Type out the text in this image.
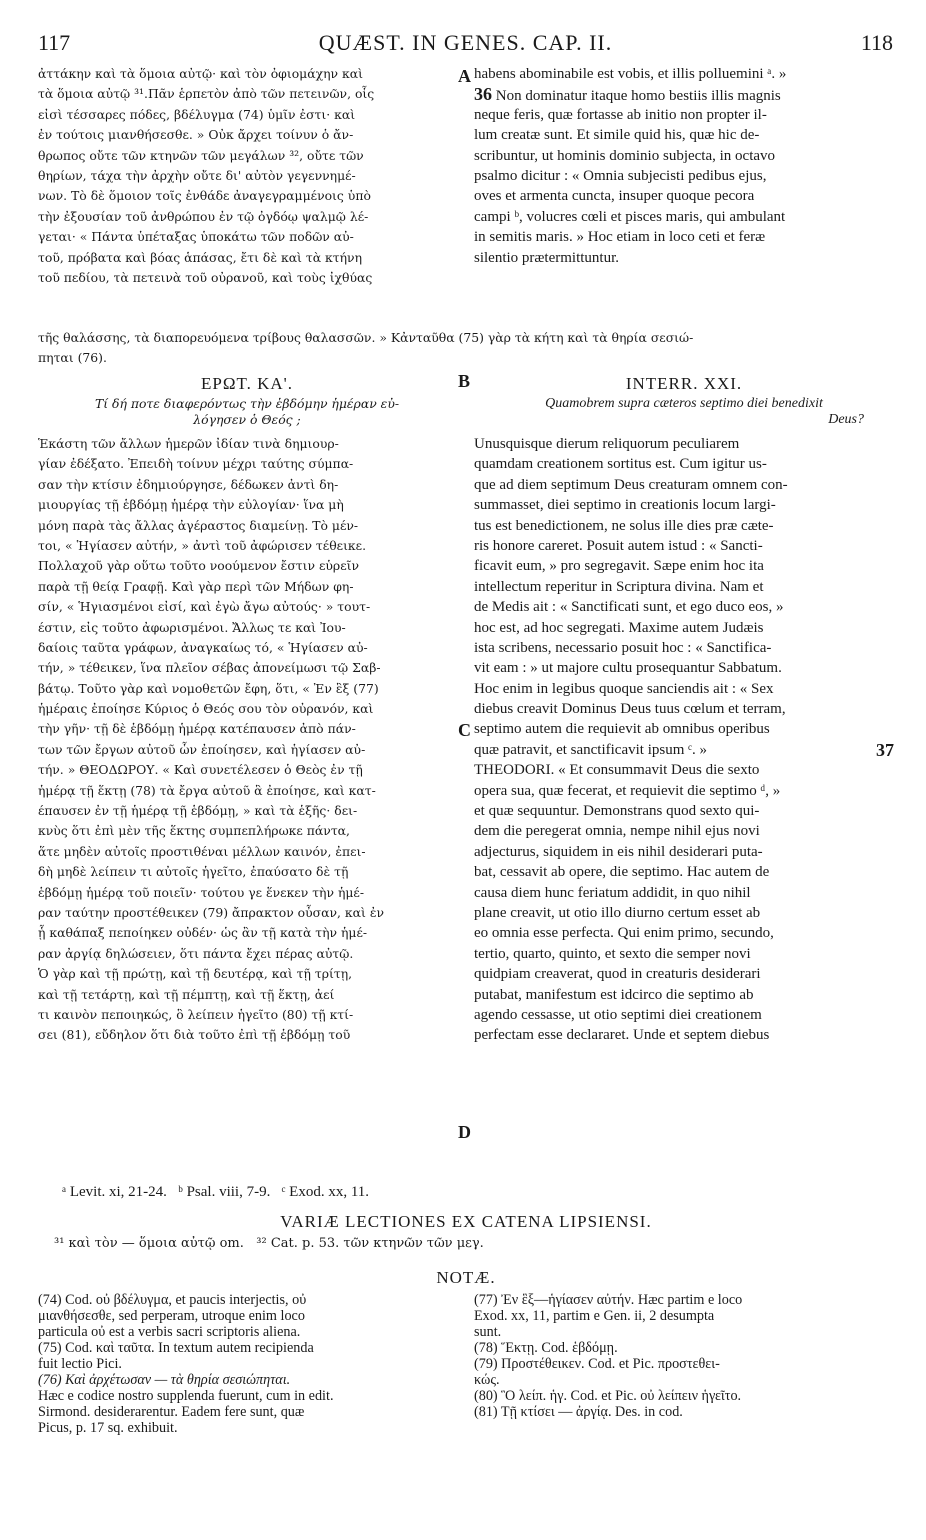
117	QUÆST. IN GENES. CAP. II.	118
ἀττάκην καὶ τὰ ὅμοια αὐτῷ· καὶ τὸν ὀφιομάχην καὶ
τὰ ὅμοια αὐτῷ ³¹.Πᾶν ἑρπετὸν ἀπὸ τῶν πετεινῶν, οἷς
εἰσὶ τέσσαρες πόδες, βδέλυγμα (74) ὑμῖν ἐστι· καὶ
ἐν τούτοις μιανθήσεσθε. » Οὐκ ἄρχει τοίνυν ὁ ἄν-
θρωπος οὔτε τῶν κτηνῶν τῶν μεγάλων ³², οὔτε τῶν
θηρίων, τάχα τὴν ἀρχὴν οὔτε δι' αὐτὸν γεγεννημέ-
νων. Τὸ δὲ ὅμοιον τοῖς ἐνθάδε ἀναγεγραμμένοις ὑπὸ
τὴν ἐξουσίαν τοῦ ἀνθρώπου ἐν τῷ ὀγδόῳ ψαλμῷ λέ-
γεται· « Πάντα ὑπέταξας ὑποκάτω τῶν ποδῶν αὐ-
τοῦ, πρόβατα καὶ βόας ἁπάσας, ἔτι δὲ καὶ τὰ κτήνη
τοῦ πεδίου, τὰ πετεινὰ τοῦ οὐρανοῦ, καὶ τοὺς ἰχθύας
A habens abominabile est vobis, et illis polluemini ᵃ. »
36 Non dominatur itaque homo bestiis illis magnis
neque feris, quæ fortasse ab initio non propter il-
lum creatæ sunt. Et simile quid his, quæ hic de-
scribuntur, ut hominis dominio subjecta, in octavo
psalmo dicitur : « Omnia subjecisti pedibus ejus,
oves et armenta cuncta, insuper quoque pecora
campi ᵇ, volucres cœli et pisces maris, qui ambulant
in semitis maris. » Hoc etiam in loco ceti et feræ
silentio prætermittuntur.
τῆς θαλάσσης, τὰ διαπορευόμενα τρίβους θαλασσῶν. » Κἀνταῦθα (75) γὰρ τὰ κήτη καὶ τὰ θηρία σεσιώ-
πηται (76).
ΕΡΩΤ. ΚΑ'.	B	INTERR. XXI.
Τί δή ποτε διαφερόντως τὴν ἑβδόμην ἡμέραν εὐ-
λόγησεν ὁ Θεός ;
Quamobrem supra cæteros septimo diei benedixit
Deus?
Ἑκάστη τῶν ἄλλων ἡμερῶν ἰδίαν τινὰ δημιουρ-
γίαν ἐδέξατο. Ἐπειδὴ τοίνυν μέχρι ταύτης σύμπα-
σαν τὴν κτίσιν ἐδημιούργησε, δέδωκεν ἀντὶ δη-
μιουργίας τῇ ἑβδόμῃ ἡμέρᾳ τὴν εὐλογίαν· ἵνα μὴ
μόνη παρὰ τὰς ἄλλας ἀγέραστος διαμείνῃ. Τὸ μέν-
τοι, « Ἡγίασεν αὐτήν, » ἀντὶ τοῦ ἀφώρισεν τέθεικε.
Πολλαχοῦ γὰρ οὕτω τοῦτο νοούμενον ἔστιν εὑρεῖν
παρὰ τῇ θείᾳ Γραφῇ. Καὶ γὰρ περὶ τῶν Μήδων φη-
σίν, « Ἡγιασμένοι εἰσί, καὶ ἐγὼ ἄγω αὐτούς· » τουτ-
έστιν, εἰς τοῦτο ἀφωρισμένοι. Ἄλλως τε καὶ Ἰου-
δαίοις ταῦτα γράφων, ἀναγκαίως τό, « Ἡγίασεν αὐ-
τήν, » τέθεικεν, ἵνα πλεῖον σέβας ἀπονείμωσι τῷ Σαβ-
βάτῳ. Τοῦτο γὰρ καὶ νομοθετῶν ἔφη, ὅτι, « Ἐν ἓξ (77)
ἡμέραις ἐποίησε Κύριος ὁ Θεός σου τὸν οὐρανόν, καὶ
τὴν γῆν· τῇ δὲ ἑβδόμῃ ἡμέρᾳ κατέπαυσεν ἀπὸ πάν-
των τῶν ἔργων αὐτοῦ ὧν ἐποίησεν, καὶ ἡγίασεν αὐ-
τήν. » ΘΕΟΔΩΡΟΥ. « Καὶ συνετέλεσεν ὁ Θεὸς ἐν τῇ
ἡμέρᾳ τῇ ἕκτῃ (78) τὰ ἔργα αὐτοῦ ἃ ἐποίησε, καὶ κατ-
έπαυσεν ἐν τῇ ἡμέρᾳ τῇ ἑβδόμῃ, » καὶ τὰ ἑξῆς· δει-
κνὺς ὅτι ἐπὶ μὲν τῆς ἕκτης συμπεπλήρωκε πάντα,
ἅτε μηδὲν αὐτοῖς προστιθέναι μέλλων καινόν, ἐπει-
δὴ μηδὲ λείπειν τι αὐτοῖς ἡγεῖτο, ἐπαύσατο δὲ τῇ
ἑβδόμῃ ἡμέρᾳ τοῦ ποιεῖν· τούτου γε ἕνεκεν τὴν ἡμέ-
ραν ταύτην προστέθεικεν (79) ἄπρακτον οὖσαν, καὶ ἐν
ᾗ καθάπαξ πεποίηκεν οὐδέν· ὡς ἂν τῇ κατὰ τὴν ἡμέ-
ραν ἀργίᾳ δηλώσειεν, ὅτι πάντα ἔχει πέρας αὐτῷ.
Ὁ γὰρ καὶ τῇ πρώτῃ, καὶ τῇ δευτέρᾳ, καὶ τῇ τρίτῃ,
καὶ τῇ τετάρτῃ, καὶ τῇ πέμπτῃ, καὶ τῇ ἕκτῃ, ἀεί
τι καινὸν πεποιηκώς, ὃ λείπειν ἡγεῖτο (80) τῇ κτί-
σει (81), εὔδηλον ὅτι διὰ τοῦτο ἐπὶ τῇ ἑβδόμῃ τοῦ
C
D
Unusquisque dierum reliquorum peculiarem
quamdam creationem sortitus est. Cum igitur us-
que ad diem septimum Deus creaturam omnem con-
summasset, diei septimo in creationis locum largi-
tus est benedictionem, ne solus ille dies præ cæte-
ris honore careret. Posuit autem istud : « Sancti-
ficavit eum, » pro segregavit. Sæpe enim hoc ita
intellectum reperitur in Scriptura divina. Nam et
de Medis ait : « Sanctificati sunt, et ego duco eos, »
hoc est, ad hoc segregati. Maxime autem Judæis
ista scribens, necessario posuit hoc : « Sanctifica-
vit eam : » ut majore cultu prosequantur Sabbatum.
Hoc enim in legibus quoque sanciendis ait : « Sex
diebus creavit Dominus Deus tuus cœlum et terram,
septimo autem die requievit ab omnibus operibus
quæ patravit, et sanctificavit ipsum ᶜ. »	37
THEODORI. « Et consummavit Deus die sexto
opera sua, quæ fecerat, et requievit die septimo ᵈ, »
et quæ sequuntur. Demonstrans quod sexto qui-
dem die peregerat omnia, nempe nihil ejus novi
adjecturus, siquidem in eis nihil desiderari puta-
bat, cessavit ab opere, die septimo. Hac autem de
causa diem hunc feriatum addidit, in quo nihil
plane creavit, ut otio illo diurno certum esset ab
eo omnia esse perfecta. Qui enim primo, secundo,
tertio, quarto, quinto, et sexto die semper novi
quidpiam creaverat, quod in creaturis desiderari
putabat, manifestum est idcirco die septimo ab
agendo cessasse, ut otio septimi diei creationem
perfectam esse declararet. Unde et septem diebus
ᵃ Levit. xi, 21-24.   ᵇ Psal. viii, 7-9.   ᶜ Exod. xx, 11.
VARIÆ LECTIONES EX CATENA LIPSIENSI.
³¹ καὶ τὸν — ὅμοια αὐτῷ om.   ³² Cat. p. 53. τῶν κτηνῶν τῶν μεγ.
NOTÆ.
(74) Cod. οὐ βδέλυγμα, et paucis interjectis, οὐ
μιανθήσεσθε, sed perperam, utroque enim loco
particula οὐ est a verbis sacri scriptoris aliena.
(75) Cod. καὶ ταῦτα. In textum autem recipienda
fuit lectio Pici.
(76) Καὶ ἀρχέτωσαν — τὰ θηρία σεσιώπηται.
Hæc e codice nostro supplenda fuerunt, cum in edit.
Sirmond. desiderarentur. Eadem fere sunt, quæ
Picus, p. 17 sq. exhibuit.
(77) Ἐν ἓξ—ἡγίασεν αὐτήν. Hæc partim e loco
Exod. xx, 11, partim e Gen. ii, 2 desumpta
sunt.
(78) Ἕκτῃ. Cod. ἑβδόμῃ.
(79) Προστέθεικεν. Cod. et Pic. προστεθει-
κώς.
(80) Ὃ λείπ. ἡγ. Cod. et Pic. οὐ λείπειν ἡγεῖτο.
(81) Τῇ κτίσει — ἀργίᾳ. Des. in cod.
